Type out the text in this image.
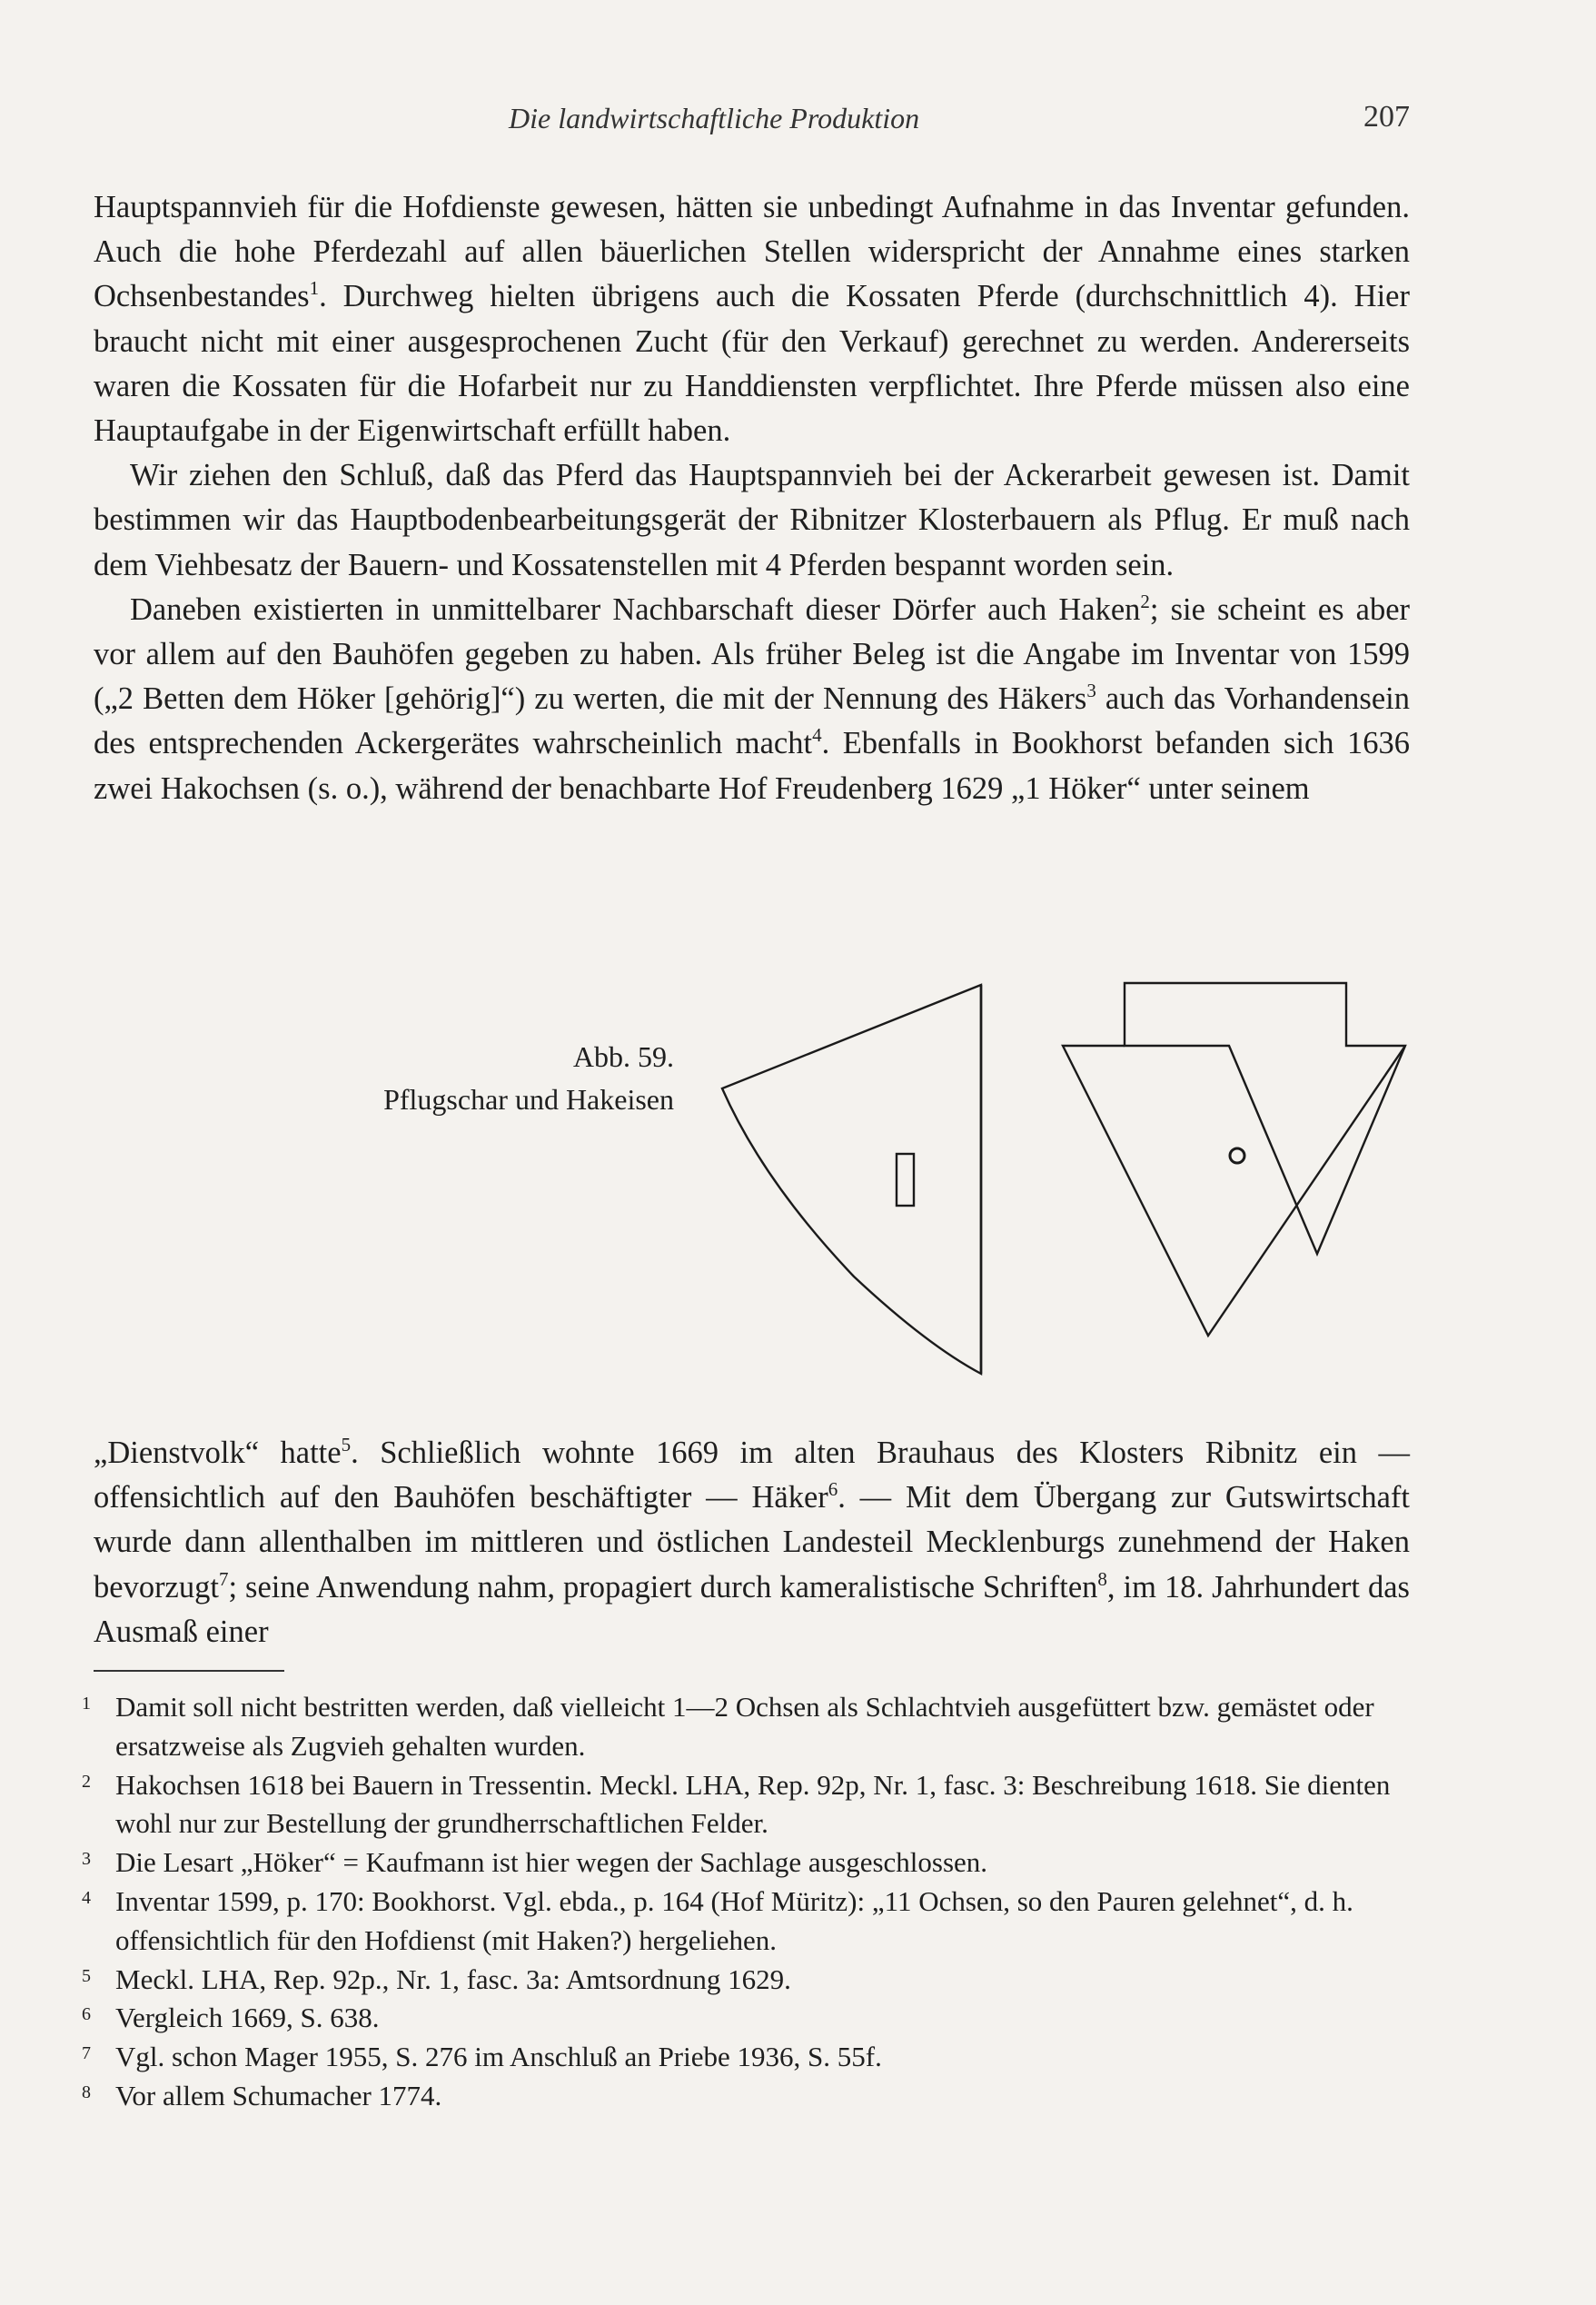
Die landwirtschaftliche Produktion	207

Hauptspannvieh für die Hofdienste gewesen, hätten sie unbedingt Aufnahme in das Inventar gefunden. Auch die hohe Pferdezahl auf allen bäuerlichen Stellen widerspricht der Annahme eines starken Ochsenbestandes$^1$. Durchweg hielten übrigens auch die Kossaten Pferde (durchschnittlich 4). Hier braucht nicht mit einer ausgesprochenen Zucht (für den Verkauf) gerechnet zu werden. Andererseits waren die Kossaten für die Hofarbeit nur zu Handdiensten verpflichtet. Ihre Pferde müssen also eine Hauptaufgabe in der Eigenwirtschaft erfüllt haben.

Wir ziehen den Schluß, daß das Pferd das Hauptspannvieh bei der Ackerarbeit gewesen ist. Damit bestimmen wir das Hauptbodenbearbeitungsgerät der Ribnitzer Klosterbauern als Pflug. Er muß nach dem Viehbesatz der Bauern- und Kossatenstellen mit 4 Pferden bespannt worden sein.

Daneben existierten in unmittelbarer Nachbarschaft dieser Dörfer auch Haken$^2$; sie scheint es aber vor allem auf den Bauhöfen gegeben zu haben. Als früher Beleg ist die Angabe im Inventar von 1599 („2 Betten dem Höker [gehörig]“) zu werten, die mit der Nennung des Häkers$^3$ auch das Vorhandensein des entsprechenden Ackergerätes wahrscheinlich macht$^4$. Ebenfalls in Bookhorst befanden sich 1636 zwei Hakochsen (s. o.), während der benachbarte Hof Freudenberg 1629 „1 Höker“ unter seinem

Abb. 59.
Pflugschar und Hakeisen

„Dienstvolk“ hatte$^5$. Schließlich wohnte 1669 im alten Brauhaus des Klosters Ribnitz ein — offensichtlich auf den Bauhöfen beschäftigter — Häker$^6$. — Mit dem Übergang zur Gutswirtschaft wurde dann allenthalben im mittleren und östlichen Landesteil Mecklenburgs zunehmend der Haken bevorzugt$^7$; seine Anwendung nahm, propagiert durch kameralistische Schriften$^8$, im 18. Jahrhundert das Ausmaß einer

1 Damit soll nicht bestritten werden, daß vielleicht 1—2 Ochsen als Schlachtvieh ausgefüttert bzw. gemästet oder ersatzweise als Zugvieh gehalten wurden.
2 Hakochsen 1618 bei Bauern in Tressentin. Meckl. LHA, Rep. 92p, Nr. 1, fasc. 3: Beschreibung 1618. Sie dienten wohl nur zur Bestellung der grundherrschaftlichen Felder.
3 Die Lesart „Höker“ = Kaufmann ist hier wegen der Sachlage ausgeschlossen.
4 Inventar 1599, p. 170: Bookhorst. Vgl. ebda., p. 164 (Hof Müritz): „11 Ochsen, so den Pauren gelehnet“, d. h. offensichtlich für den Hofdienst (mit Haken?) hergeliehen.
5 Meckl. LHA, Rep. 92p., Nr. 1, fasc. 3a: Amtsordnung 1629.
6 Vergleich 1669, S. 638.
7 Vgl. schon Mager 1955, S. 276 im Anschluß an Priebe 1936, S. 55f.
8 Vor allem Schumacher 1774.
